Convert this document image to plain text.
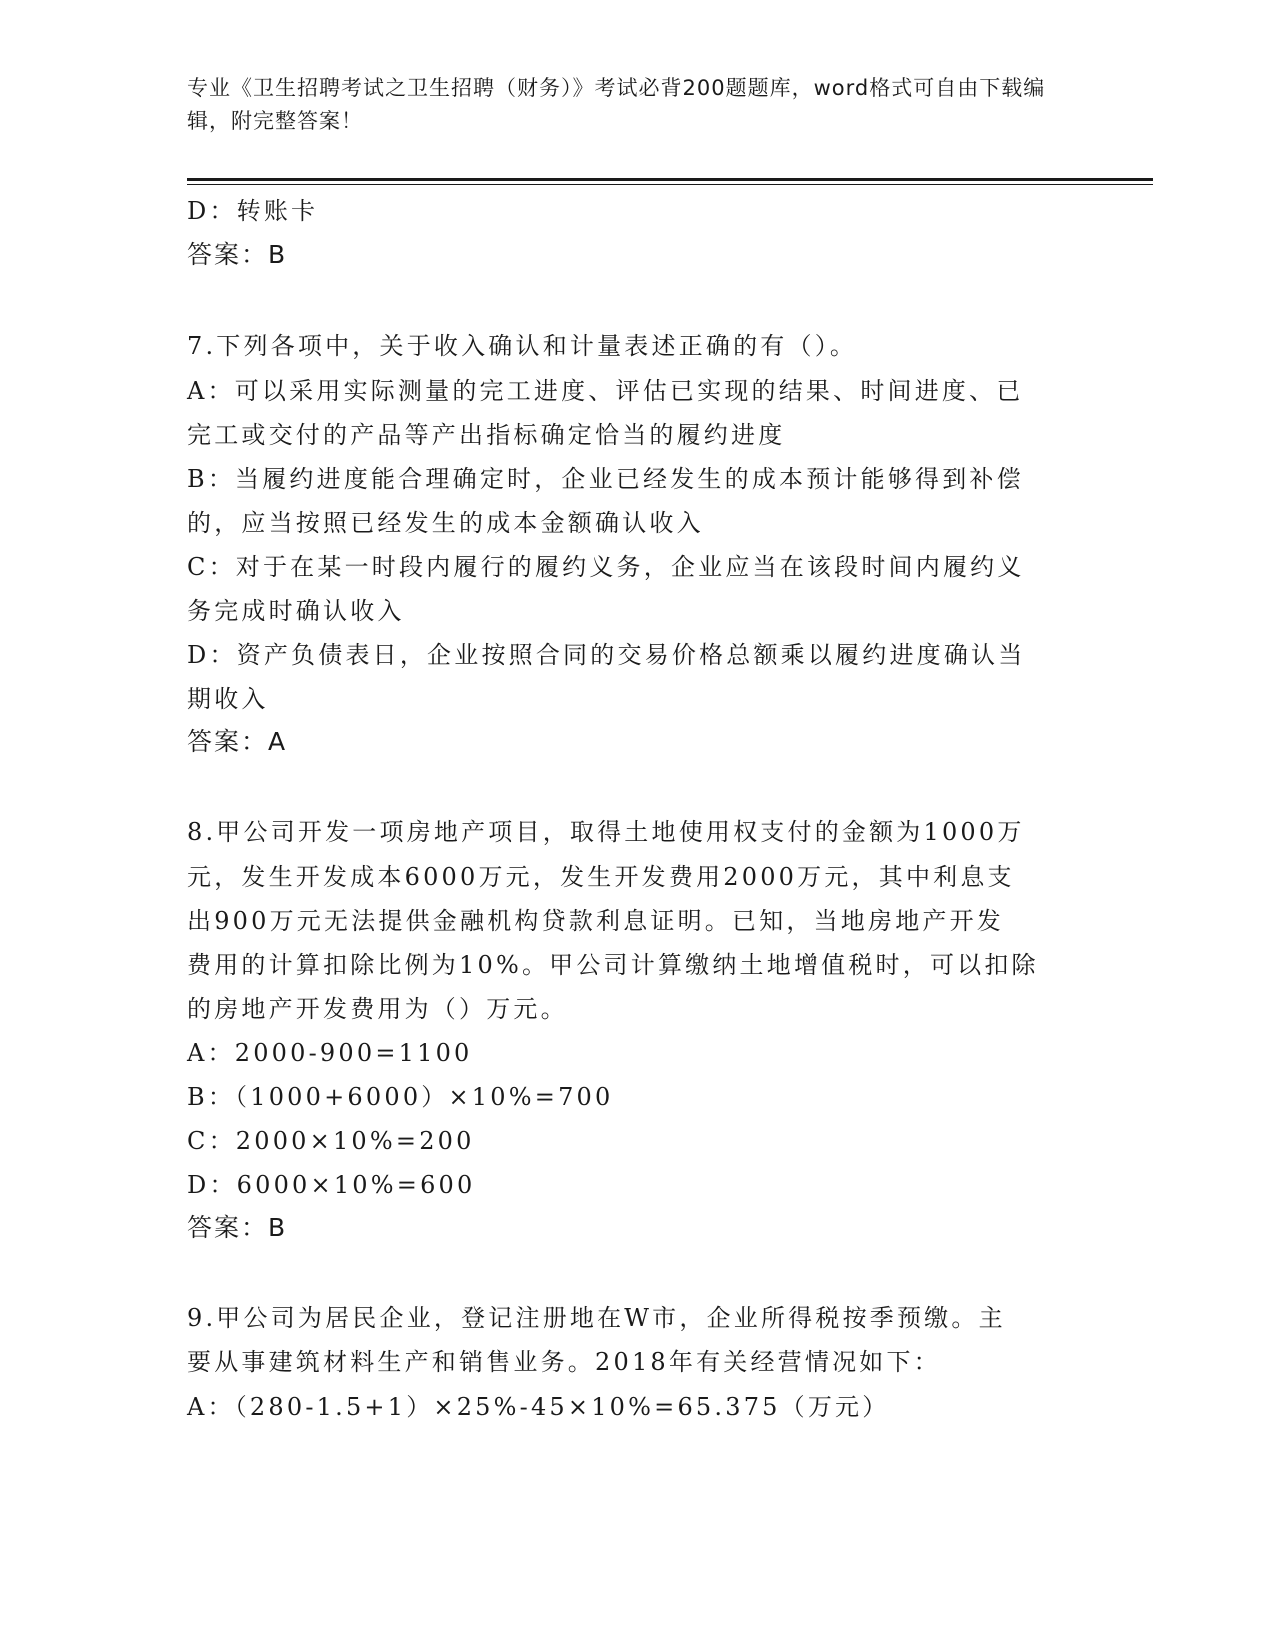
专业《卫生招聘考试之卫生招聘（财务）》考试必背200题题库，word格式可自由下载编辑，附完整答案！
D：转账卡
答案：B
7.下列各项中，关于收入确认和计量表述正确的有（）。
A：可以采用实际测量的完工进度、评估已实现的结果、时间进度、已
完工或交付的产品等产出指标确定恰当的履约进度
B：当履约进度能合理确定时，企业已经发生的成本预计能够得到补偿
的，应当按照已经发生的成本金额确认收入
C：对于在某一时段内履行的履约义务，企业应当在该段时间内履约义
务完成时确认收入
D：资产负债表日，企业按照合同的交易价格总额乘以履约进度确认当
期收入
答案：A
8.甲公司开发一项房地产项目，取得土地使用权支付的金额为1000万
元，发生开发成本6000万元，发生开发费用2000万元，其中利息支
出900万元无法提供金融机构贷款利息证明。已知，当地房地产开发
费用的计算扣除比例为10%。甲公司计算缴纳土地增值税时，可以扣除
的房地产开发费用为（）万元。
A：2000-900=1100
B：（1000+6000）×10%=700
C：2000×10%=200
D：6000×10%=600
答案：B
9.甲公司为居民企业，登记注册地在W市，企业所得税按季预缴。主
要从事建筑材料生产和销售业务。2018年有关经营情况如下：
A：（280-1.5+1）×25%-45×10%=65.375（万元）
